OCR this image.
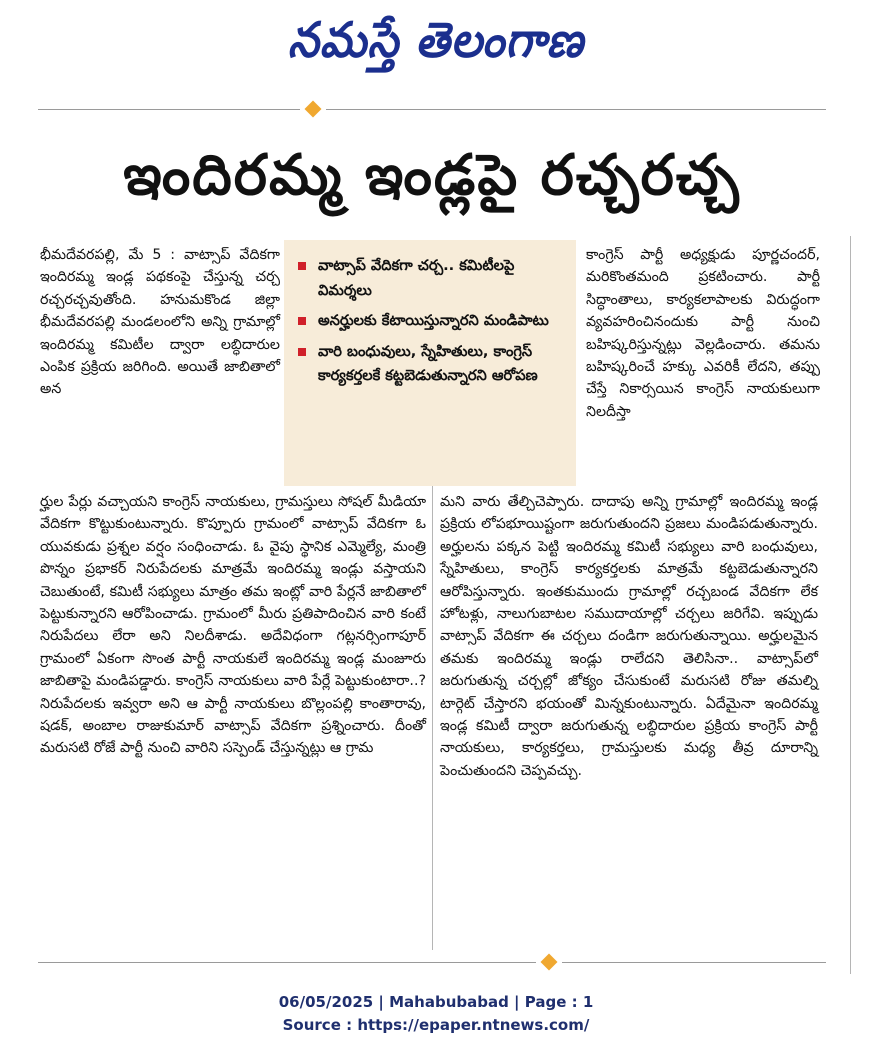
నమస్తే తెలంగాణ
ఇందిరమ్మ ఇండ్లపై రచ్చరచ్చ

భీమదేవరపల్లి, మే 5 : వాట్సాప్ వేదికగా ఇందిరమ్మ ఇండ్ల పథకంపై చేస్తున్న చర్చ రచ్చరచ్చవుతోంది. హనుమకొండ జిల్లా భీమదేవరపల్లి మండలంలోని అన్ని గ్రామాల్లో ఇందిరమ్మ కమిటీల ద్వారా లబ్ధిదారుల ఎంపిక ప్రక్రియ జరిగింది. అయితే జాబితాలో అన

వాట్సాప్ వేదికగా చర్చ.. కమిటీలపై విమర్శలు
అనర్హులకు కేటాయిస్తున్నారని మండిపాటు
వారి బంధువులు, స్నేహితులు, కాంగ్రెస్ కార్యకర్తలకే కట్టబెడుతున్నారని ఆరోపణ

కాంగ్రెస్ పార్టీ అధ్యక్షుడు పూర్ణచందర్, మరికొంతమంది ప్రకటించారు. పార్టీ సిద్ధాంతాలు, కార్యకలాపాలకు విరుద్ధంగా వ్యవహరించినందుకు పార్టీ నుంచి బహిష్కరిస్తున్నట్లు వెల్లడించారు. తమను బహిష్కరించే హక్కు ఎవరికీ లేదని, తప్పు చేస్తే నికార్సయిన కాంగ్రెస్ నాయకులుగా నిలదీస్తా

ర్హుల పేర్లు వచ్చాయని కాంగ్రెస్ నాయకులు, గ్రామస్తులు సోషల్ మీడియా వేదికగా కొట్టుకుంటున్నారు. కొప్పూరు గ్రామంలో వాట్సాప్ వేదికగా ఓ యువకుడు ప్రశ్నల వర్షం సంధించాడు. ఓ వైపు స్థానిక ఎమ్మెల్యే, మంత్రి పొన్నం ప్రభాకర్ నిరుపేదలకు మాత్రమే ఇందిరమ్మ ఇండ్లు వస్తాయని చెబుతుంటే, కమిటీ సభ్యులు మాత్రం తమ ఇంట్లో వారి పేర్లనే జాబితాలో పెట్టుకున్నారని ఆరోపించాడు. గ్రామంలో మీరు ప్రతిపాదించిన వారి కంటే నిరుపేదలు లేరా అని నిలదీశాడు. అదేవిధంగా గట్లనర్సింగాపూర్ గ్రామంలో ఏకంగా సొంత పార్టీ నాయకులే ఇందిరమ్మ ఇండ్ల మంజూరు జాబితాపై మండిపడ్డారు. కాంగ్రెస్ నాయకులు వారి పేర్లే పెట్టుకుంటారా..? నిరుపేదలకు ఇవ్వరా అని ఆ పార్టీ నాయకులు బొల్లంపల్లి కాంతారావు, షడక్, అంబాల రాజుకుమార్ వాట్సాప్ వేదికగా ప్రశ్నించారు. దీంతో మరుసటి రోజే పార్టీ నుంచి వారిని సస్పెండ్ చేస్తున్నట్లు ఆ గ్రామ

మని వారు తేల్చిచెప్పారు. దాదాపు అన్ని గ్రామాల్లో ఇందిరమ్మ ఇండ్ల ప్రక్రియ లోపభూయిష్టంగా జరుగుతుందని ప్రజలు మండిపడుతున్నారు. అర్హులను పక్కన పెట్టి ఇందిరమ్మ కమిటీ సభ్యులు వారి బంధువులు, స్నేహితులు, కాంగ్రెస్ కార్యకర్తలకు మాత్రమే కట్టబెడుతున్నారని ఆరోపిస్తున్నారు. ఇంతకుముందు గ్రామాల్లో రచ్చబండ వేదికగా లేక హోటళ్లు, నాలుగుబాటల సముదాయాల్లో చర్చలు జరిగేవి. ఇప్పుడు వాట్సాప్ వేదికగా ఈ చర్చలు దండిగా జరుగుతున్నాయి. అర్హులమైన తమకు ఇందిరమ్మ ఇండ్లు రాలేదని తెలిసినా.. వాట్సాప్‌లో జరుగుతున్న చర్చల్లో జోక్యం చేసుకుంటే మరుసటి రోజు తమల్ని టార్గెట్ చేస్తారని భయంతో మిన్నకుంటున్నారు. ఏదేమైనా ఇందిరమ్మ ఇండ్ల కమిటీ ద్వారా జరుగుతున్న లబ్ధిదారుల ప్రక్రియ కాంగ్రెస్ పార్టీ నాయకులు, కార్యకర్తలు, గ్రామస్తులకు మధ్య తీవ్ర దూరాన్ని పెంచుతుందని చెప్పవచ్చు.

06/05/2025 | Mahabubabad | Page : 1
Source : https://epaper.ntnews.com/
